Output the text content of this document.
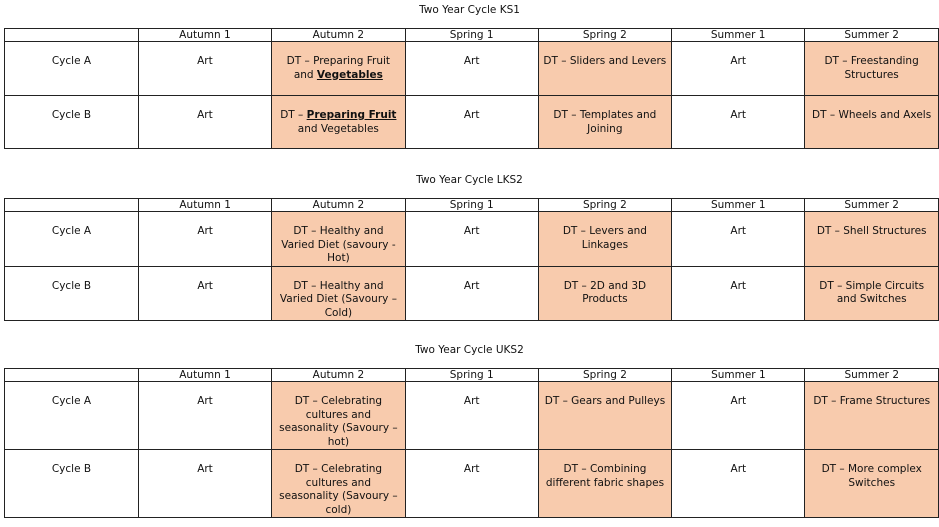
Two Year Cycle KS1
	Autumn 1	Autumn 2	Spring 1	Spring 2	Summer 1	Summer 2
Cycle A	Art	DT – Preparing Fruit and Vegetables	Art	DT – Sliders and Levers	Art	DT – Freestanding Structures
Cycle B	Art	DT – Preparing Fruit and Vegetables	Art	DT – Templates and Joining	Art	DT – Wheels and Axels
Two Year Cycle LKS2
	Autumn 1	Autumn 2	Spring 1	Spring 2	Summer 1	Summer 2
Cycle A	Art	DT – Healthy and Varied Diet (savoury - Hot)	Art	DT – Levers and Linkages	Art	DT – Shell Structures
Cycle B	Art	DT – Healthy and Varied Diet (Savoury – Cold)	Art	DT – 2D and 3D Products	Art	DT – Simple Circuits and Switches
Two Year Cycle UKS2
	Autumn 1	Autumn 2	Spring 1	Spring 2	Summer 1	Summer 2
Cycle A	Art	DT – Celebrating cultures and seasonality (Savoury – hot)	Art	DT – Gears and Pulleys	Art	DT – Frame Structures
Cycle B	Art	DT – Celebrating cultures and seasonality (Savoury – cold)	Art	DT – Combining different fabric shapes	Art	DT – More complex Switches
